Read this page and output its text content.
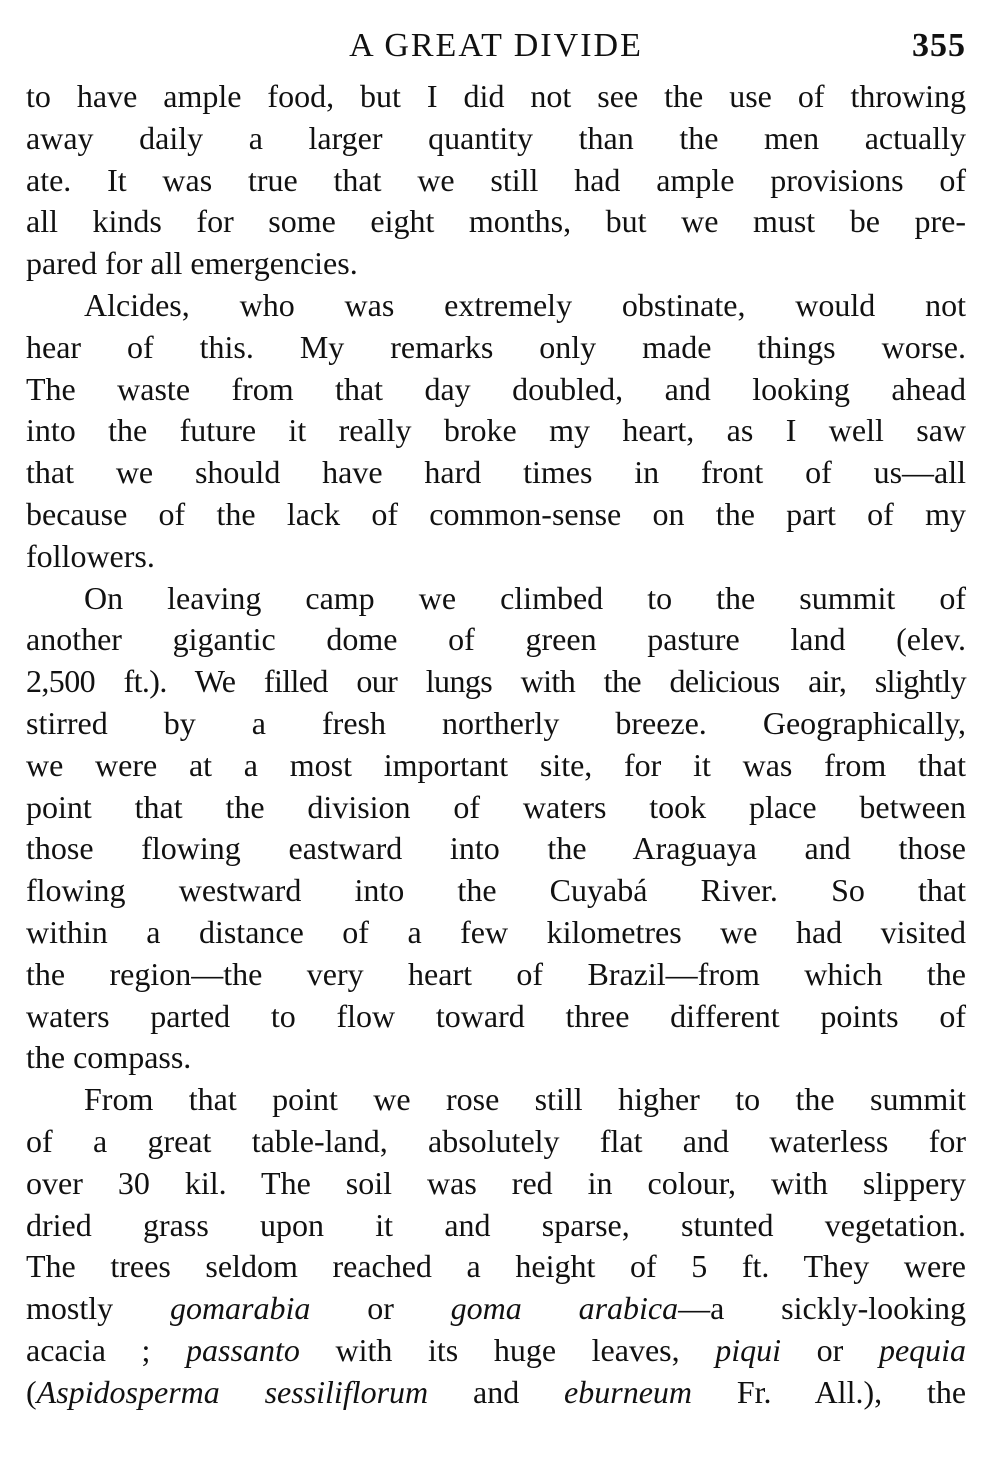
A GREAT DIVIDE	355
to have ample food, but I did not see the use of throwing
away daily a larger quantity than the men actually
ate. It was true that we still had ample provisions of
all kinds for some eight months, but we must be pre-
pared for all emergencies.
Alcides, who was extremely obstinate, would not
hear of this. My remarks only made things worse.
The waste from that day doubled, and looking ahead
into the future it really broke my heart, as I well saw
that we should have hard times in front of us—all
because of the lack of common-sense on the part of my
followers.
On leaving camp we climbed to the summit of
another gigantic dome of green pasture land (elev.
2,500 ft.). We filled our lungs with the delicious air, slightly
stirred by a fresh northerly breeze. Geographically,
we were at a most important site, for it was from that
point that the division of waters took place between
those flowing eastward into the Araguaya and those
flowing westward into the Cuyabá River. So that
within a distance of a few kilometres we had visited
the region—the very heart of Brazil—from which the
waters parted to flow toward three different points of
the compass.
From that point we rose still higher to the summit
of a great table-land, absolutely flat and waterless for
over 30 kil. The soil was red in colour, with slippery
dried grass upon it and sparse, stunted vegetation.
The trees seldom reached a height of 5 ft. They were
mostly gomarabia or goma arabica—a sickly-looking
acacia ; passanto with its huge leaves, piqui or pequia
(Aspidosperma sessiliflorum and eburneum Fr. All.), the
